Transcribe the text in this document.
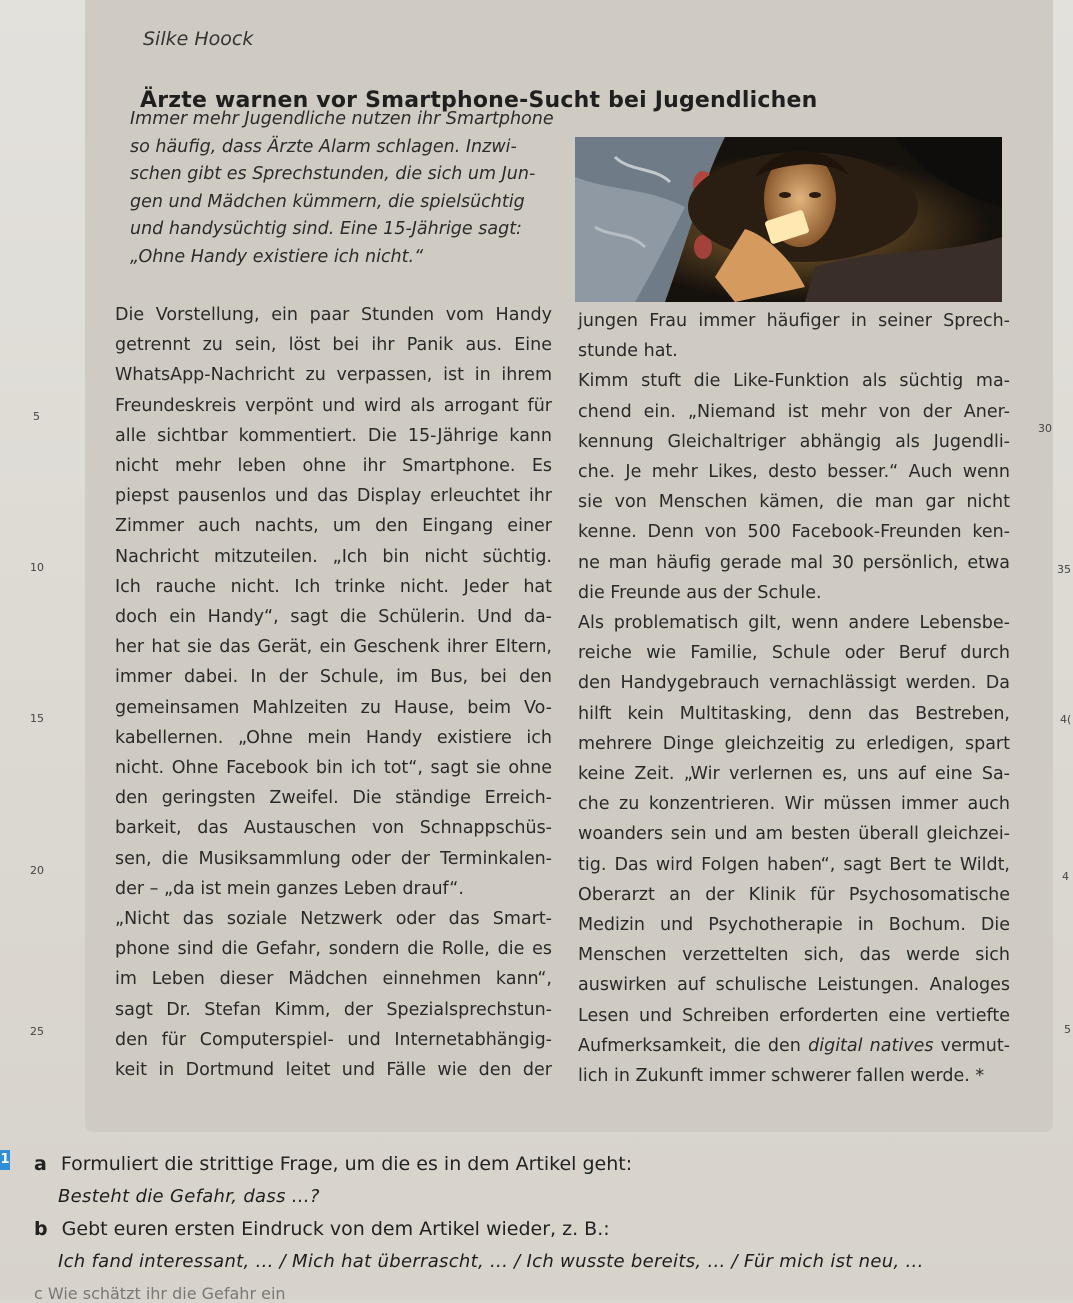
Silke Hoock
Ärzte warnen vor Smartphone-Sucht bei Jugendlichen
Immer mehr Jugendliche nutzen ihr Smartphone
so häufig, dass Ärzte Alarm schlagen. Inzwi-
schen gibt es Sprechstunden, die sich um Jun-
gen und Mädchen kümmern, die spielsüchtig
und handysüchtig sind. Eine 15-Jährige sagt:
„Ohne Handy existiere ich nicht.“
Die Vorstellung, ein paar Stunden vom Handy
getrennt zu sein, löst bei ihr Panik aus. Eine
WhatsApp-Nachricht zu verpassen, ist in ihrem
Freundeskreis verpönt und wird als arrogant für
alle sichtbar kommentiert. Die 15-Jährige kann
nicht mehr leben ohne ihr Smartphone. Es
piepst pausenlos und das Display erleuchtet ihr
Zimmer auch nachts, um den Eingang einer
Nachricht mitzuteilen. „Ich bin nicht süchtig.
Ich rauche nicht. Ich trinke nicht. Jeder hat
doch ein Handy“, sagt die Schülerin. Und da-
her hat sie das Gerät, ein Geschenk ihrer Eltern,
immer dabei. In der Schule, im Bus, bei den
gemeinsamen Mahlzeiten zu Hause, beim Vo-
kabellernen. „Ohne mein Handy existiere ich
nicht. Ohne Facebook bin ich tot“, sagt sie ohne
den geringsten Zweifel. Die ständige Erreich-
barkeit, das Austauschen von Schnappschüs-
sen, die Musiksammlung oder der Terminkalen-
der – „da ist mein ganzes Leben drauf“.
„Nicht das soziale Netzwerk oder das Smart-
phone sind die Gefahr, sondern die Rolle, die es
im Leben dieser Mädchen einnehmen kann“,
sagt Dr. Stefan Kimm, der Spezialsprechstun-
den für Computerspiel- und Internetabhängig-
keit in Dortmund leitet und Fälle wie den der
jungen Frau immer häufiger in seiner Sprech-
stunde hat.
Kimm stuft die Like-Funktion als süchtig ma-
chend ein. „Niemand ist mehr von der Aner-
kennung Gleichaltriger abhängig als Jugendli-
che. Je mehr Likes, desto besser.“ Auch wenn
sie von Menschen kämen, die man gar nicht
kenne. Denn von 500 Facebook-Freunden ken-
ne man häufig gerade mal 30 persönlich, etwa
die Freunde aus der Schule.
Als problematisch gilt, wenn andere Lebensbe-
reiche wie Familie, Schule oder Beruf durch
den Handygebrauch vernachlässigt werden. Da
hilft kein Multitasking, denn das Bestreben,
mehrere Dinge gleichzeitig zu erledigen, spart
keine Zeit. „Wir verlernen es, uns auf eine Sa-
che zu konzentrieren. Wir müssen immer auch
woanders sein und am besten überall gleichzei-
tig. Das wird Folgen haben“, sagt Bert te Wildt,
Oberarzt an der Klinik für Psychosomatische
Medizin und Psychotherapie in Bochum. Die
Menschen verzettelten sich, das werde sich
auswirken auf schulische Leistungen. Analoges
Lesen und Schreiben erforderten eine vertiefte
Aufmerksamkeit, die den digital natives vermut-
lich in Zukunft immer schwerer fallen werde. *
5
10
15
20
25
30
35
4(
4
5
1 a Formuliert die strittige Frage, um die es in dem Artikel geht:
Besteht die Gefahr, dass ...?
b Gebt euren ersten Eindruck von dem Artikel wieder, z. B.:
Ich fand interessant, ... / Mich hat überrascht, ... / Ich wusste bereits, ... / Für mich ist neu, ...
c Wie schätzt ihr die Gefahr ein
